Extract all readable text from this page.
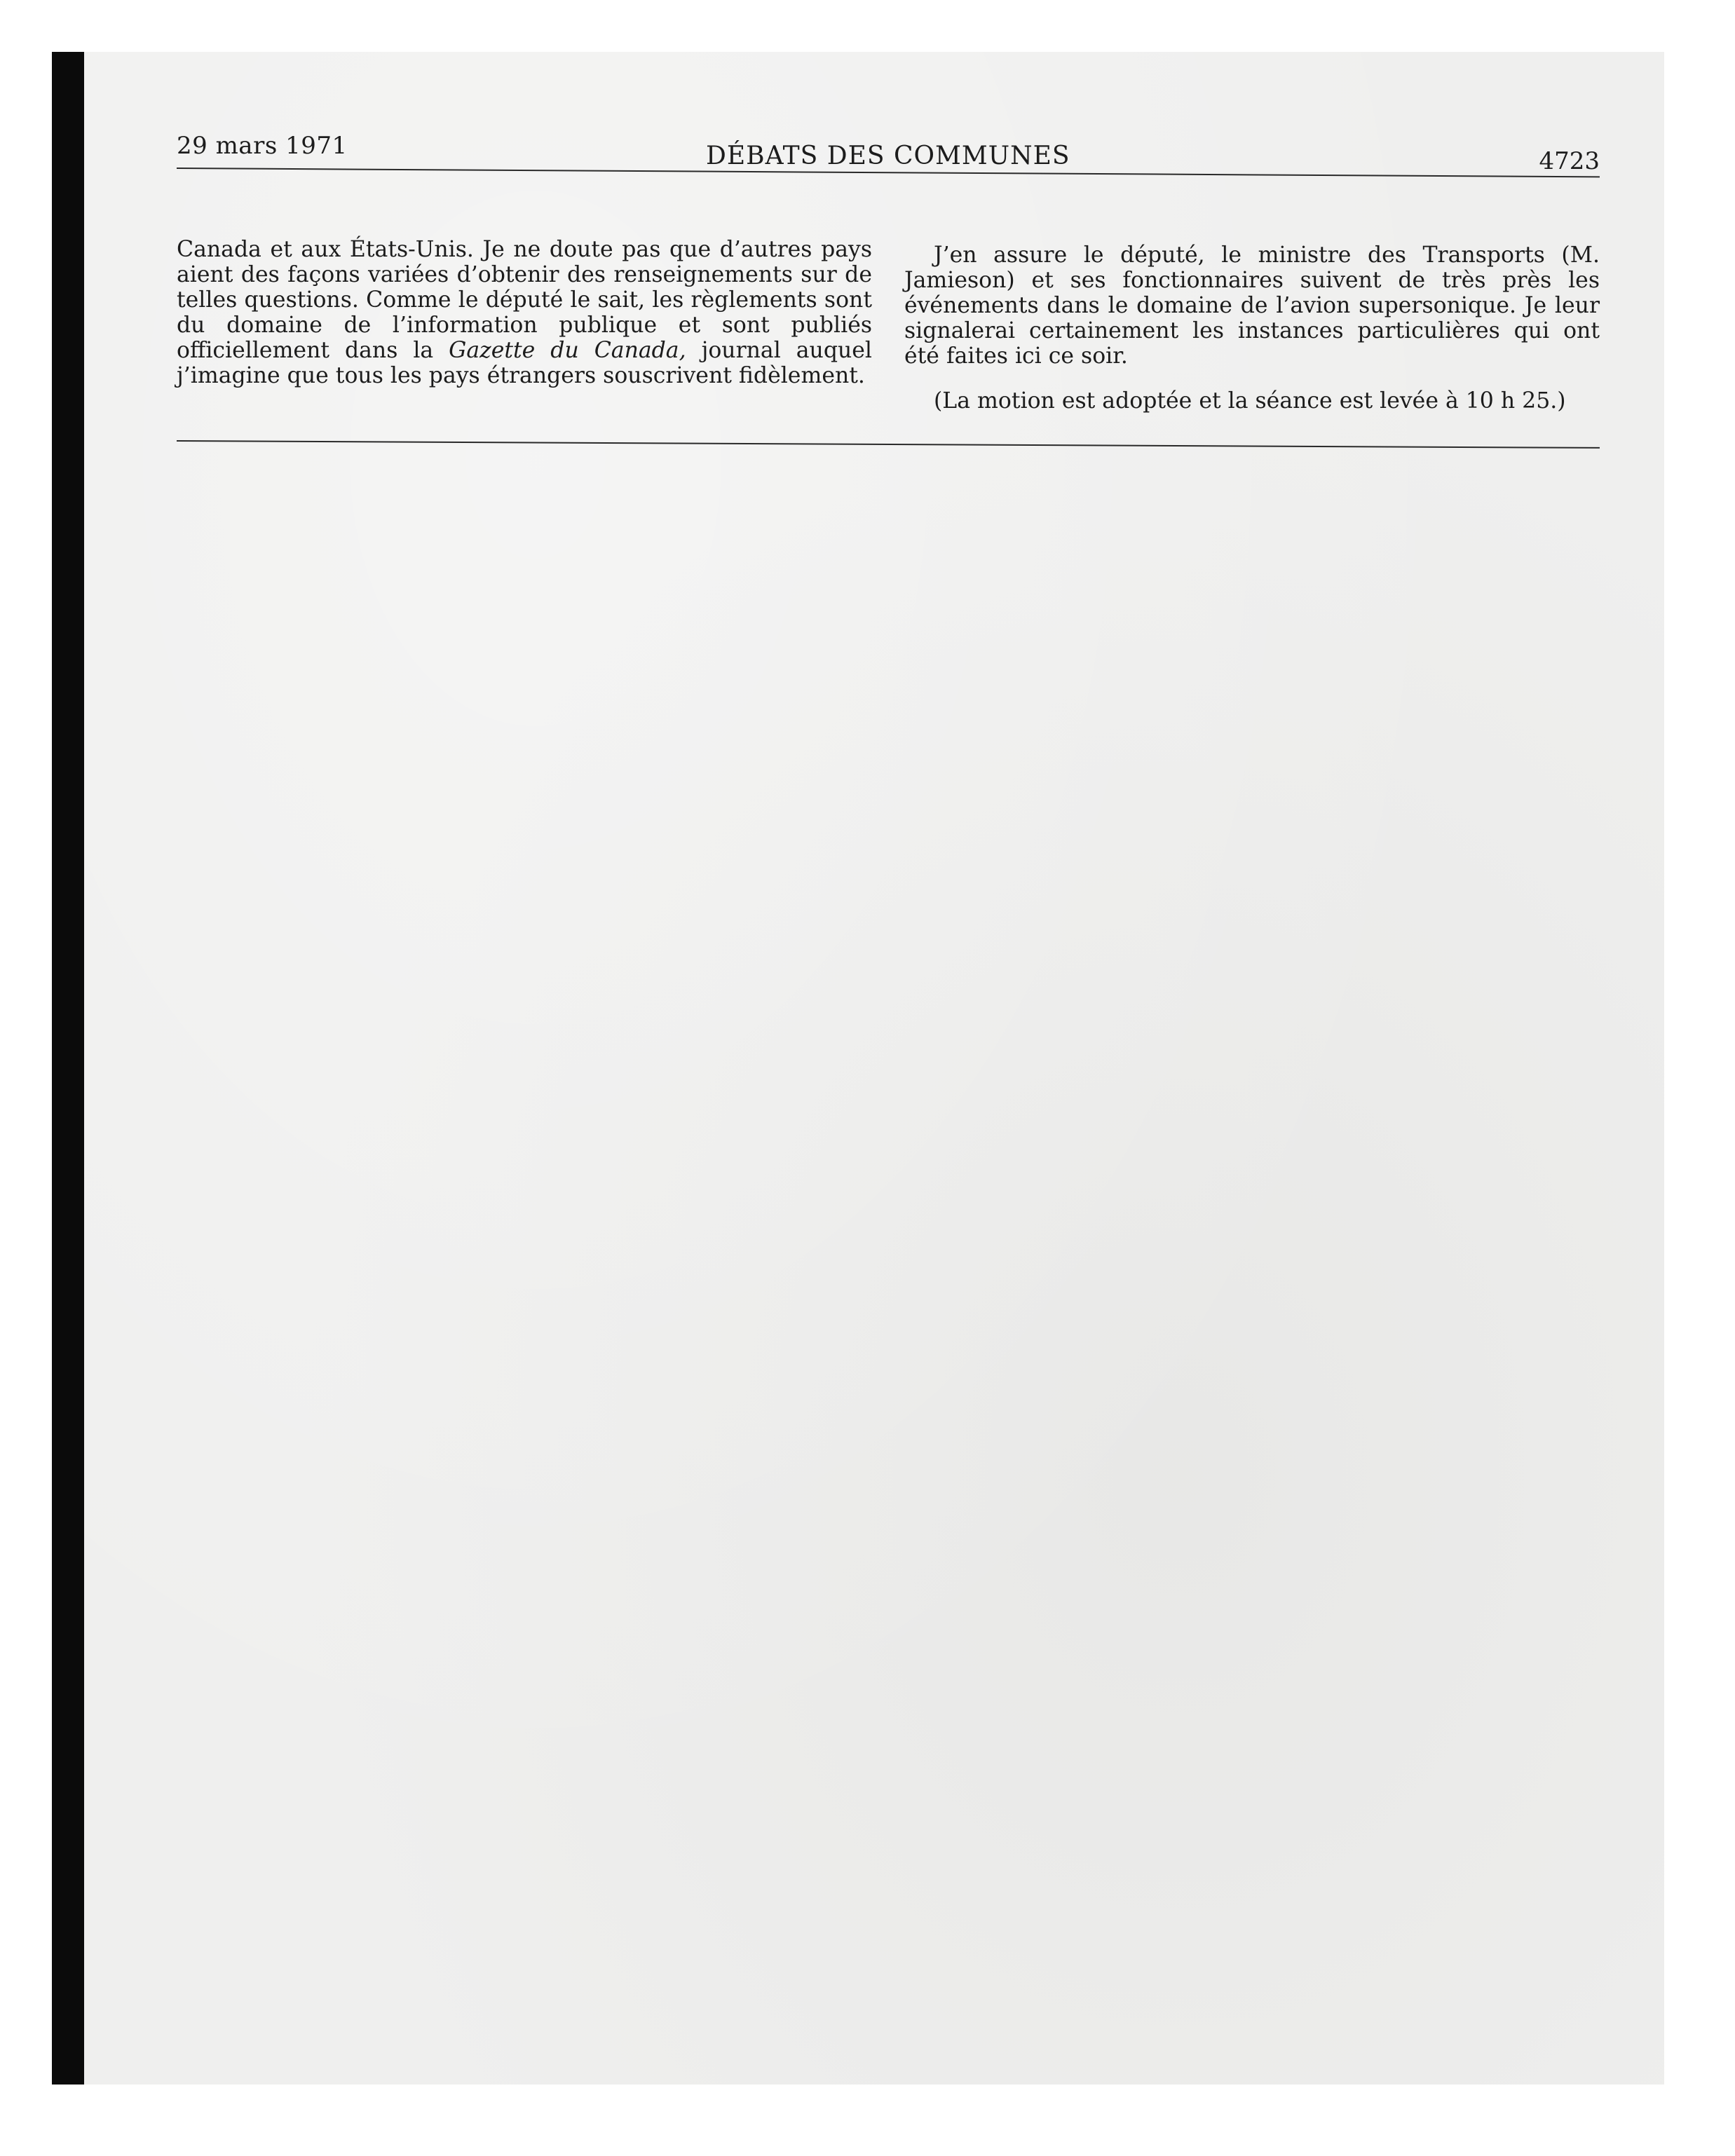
29 mars 1971	DÉBATS DES COMMUNES	4723

Canada et aux États-Unis. Je ne doute pas que d’autres pays aient des façons variées d’obtenir des renseignements sur de telles questions. Comme le député le sait, les règlements sont du domaine de l’information publique et sont publiés officiellement dans la Gazette du Canada, journal auquel j’imagine que tous les pays étrangers souscrivent fidèlement.

J’en assure le député, le ministre des Transports (M. Jamieson) et ses fonctionnaires suivent de très près les événements dans le domaine de l’avion supersonique. Je leur signalerai certainement les instances particulières qui ont été faites ici ce soir.

(La motion est adoptée et la séance est levée à 10 h 25.)
